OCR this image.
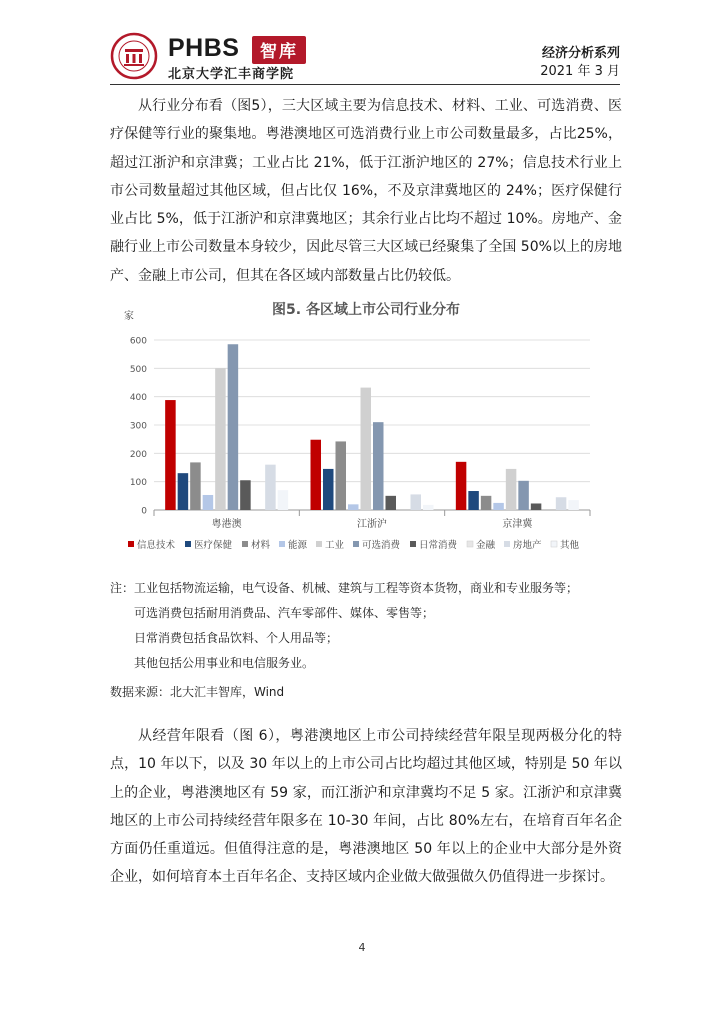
PHBS	智库
北京大学汇丰商学院
经济分析系列
2021 年 3 月

从行业分布看（图5），三大区域主要为信息技术、材料、工业、可选消费、医疗保健等行业的聚集地。粤港澳地区可选消费行业上市公司数量最多，占比25%，超过江浙沪和京津冀；工业占比 21%，低于江浙沪地区的 27%；信息技术行业上市公司数量超过其他区域，但占比仅 16%，不及京津冀地区的 24%；医疗保健行业占比 5%，低于江浙沪和京津冀地区；其余行业占比均不超过 10%。房地产、金融行业上市公司数量本身较少，因此尽管三大区域已经聚集了全国 50%以上的房地产、金融上市公司，但其在各区域内部数量占比仍较低。

图5. 各区域上市公司行业分布
家
0
100
200
300
400
500
600
粤港澳	江浙沪	京津冀
信息技术 医疗保健 材料 能源 工业 可选消费 日常消费 金融 房地产 其他
注：工业包括物流运输，电气设备、机械、建筑与工程等资本货物，商业和专业服务等；
可选消费包括耐用消费品、汽车零部件、媒体、零售等；
日常消费包括食品饮料、个人用品等；
其他包括公用事业和电信服务业。
数据来源：北大汇丰智库，Wind

从经营年限看（图 6），粤港澳地区上市公司持续经营年限呈现两极分化的特点，10 年以下，以及 30 年以上的上市公司占比均超过其他区域，特别是 50 年以上的企业，粤港澳地区有 59 家，而江浙沪和京津冀均不足 5 家。江浙沪和京津冀地区的上市公司持续经营年限多在 10-30 年间，占比 80%左右，在培育百年名企方面仍任重道远。但值得注意的是，粤港澳地区 50 年以上的企业中大部分是外资企业，如何培育本土百年名企、支持区域内企业做大做强做久仍值得进一步探讨。

4
